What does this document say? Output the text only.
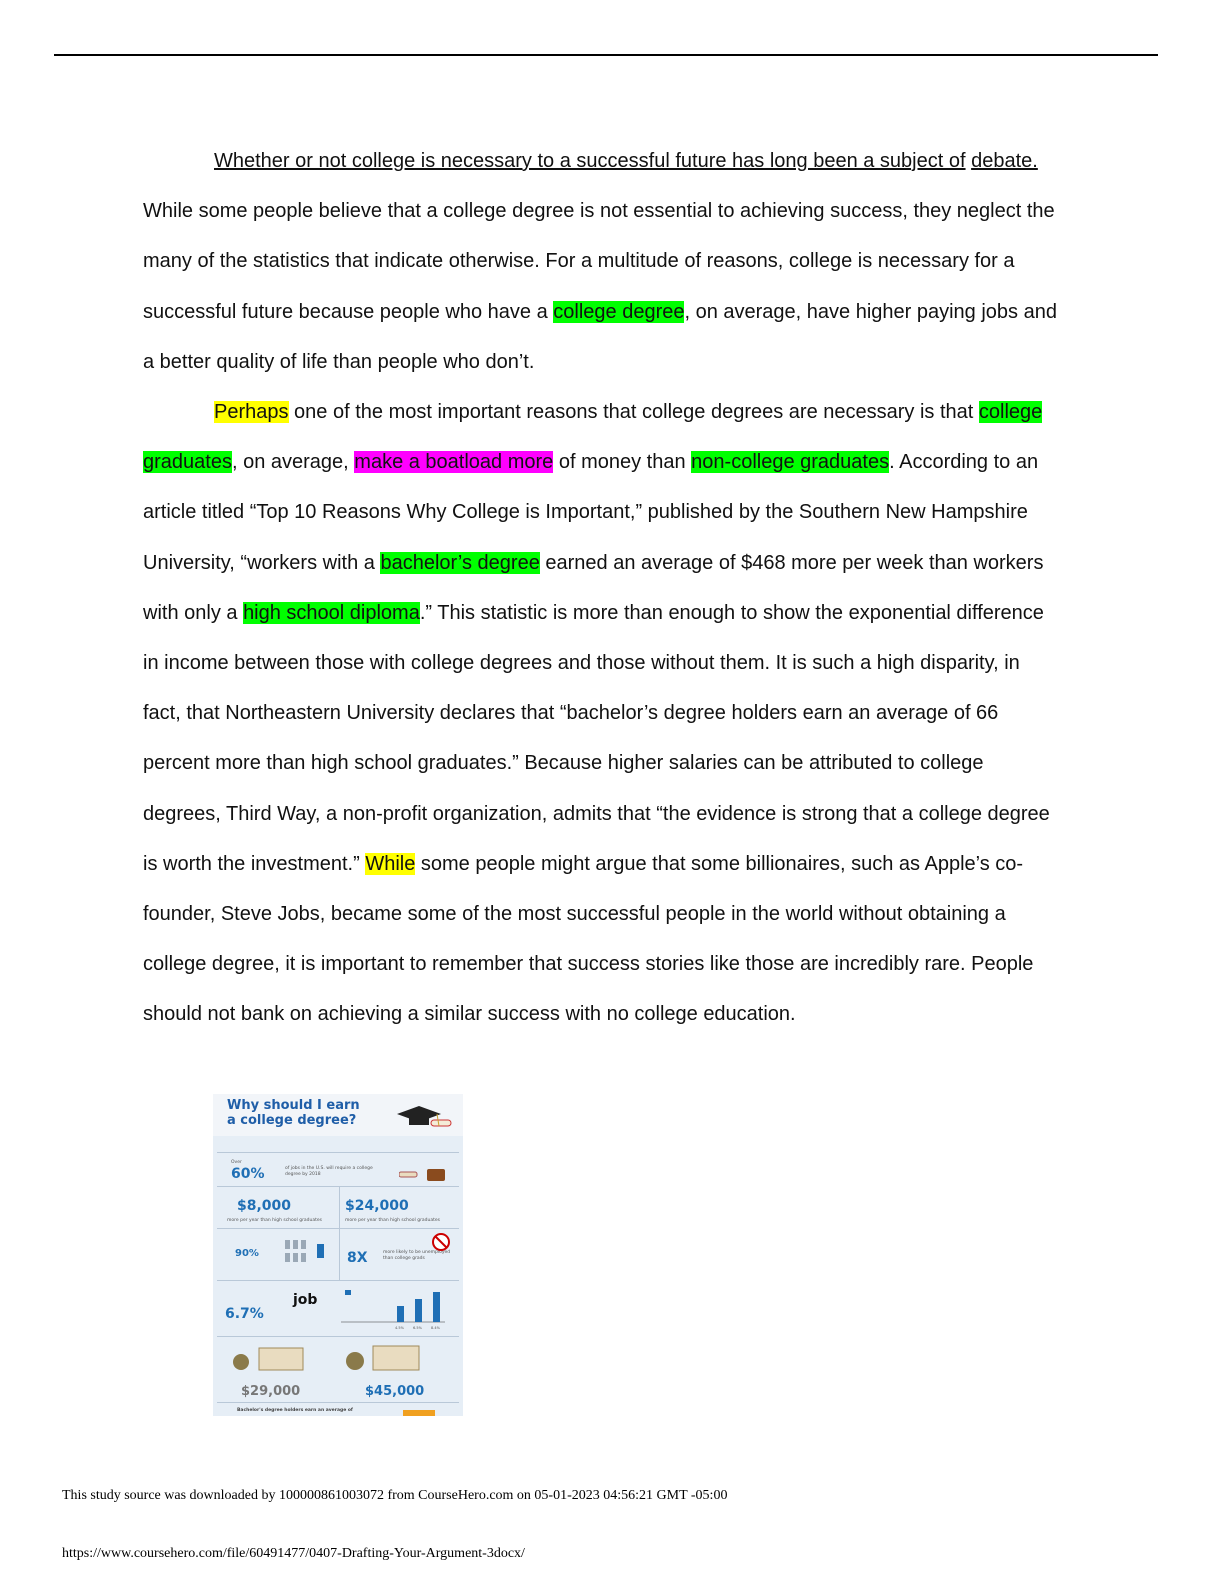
Whether or not college is necessary to a successful future has long been a subject of debate. While some people believe that a college degree is not essential to achieving success, they neglect the many of the statistics that indicate otherwise. For a multitude of reasons, college is necessary for a successful future because people who have a college degree, on average, have higher paying jobs and a better quality of life than people who don’t.

Perhaps one of the most important reasons that college degrees are necessary is that college graduates, on average, make a boatload more of money than non-college graduates. According to an article titled “Top 10 Reasons Why College is Important,” published by the Southern New Hampshire University, “workers with a bachelor’s degree earned an average of $468 more per week than workers with only a high school diploma.” This statistic is more than enough to show the exponential difference in income between those with college degrees and those without them. It is such a high disparity, in fact, that Northeastern University declares that “bachelor’s degree holders earn an average of 66 percent more than high school graduates.” Because higher salaries can be attributed to college degrees, Third Way, a non-profit organization, admits that “the evidence is strong that a college degree is worth the investment.” While some people might argue that some billionaires, such as Apple’s co-founder, Steve Jobs, became some of the most successful people in the world without obtaining a college degree, it is important to remember that success stories like those are incredibly rare. People should not bank on achieving a similar success with no college education.

Why should I earn
a college degree?

Over
60%	of jobs in the U.S. will require a college degree by 2018
$8,000
more per year than high school graduates
$24,000
more per year than high school graduates
90%	8X	more likely to be unemployed than college grads
6.7%
job
4.5%	6.5%	8.4%
$29,000	$45,000
Bachelor's degree holders earn an average of
This study source was downloaded by 100000861003072 from CourseHero.com on 05-01-2023 04:56:21 GMT -05:00
https://www.coursehero.com/file/60491477/0407-Drafting-Your-Argument-3docx/
